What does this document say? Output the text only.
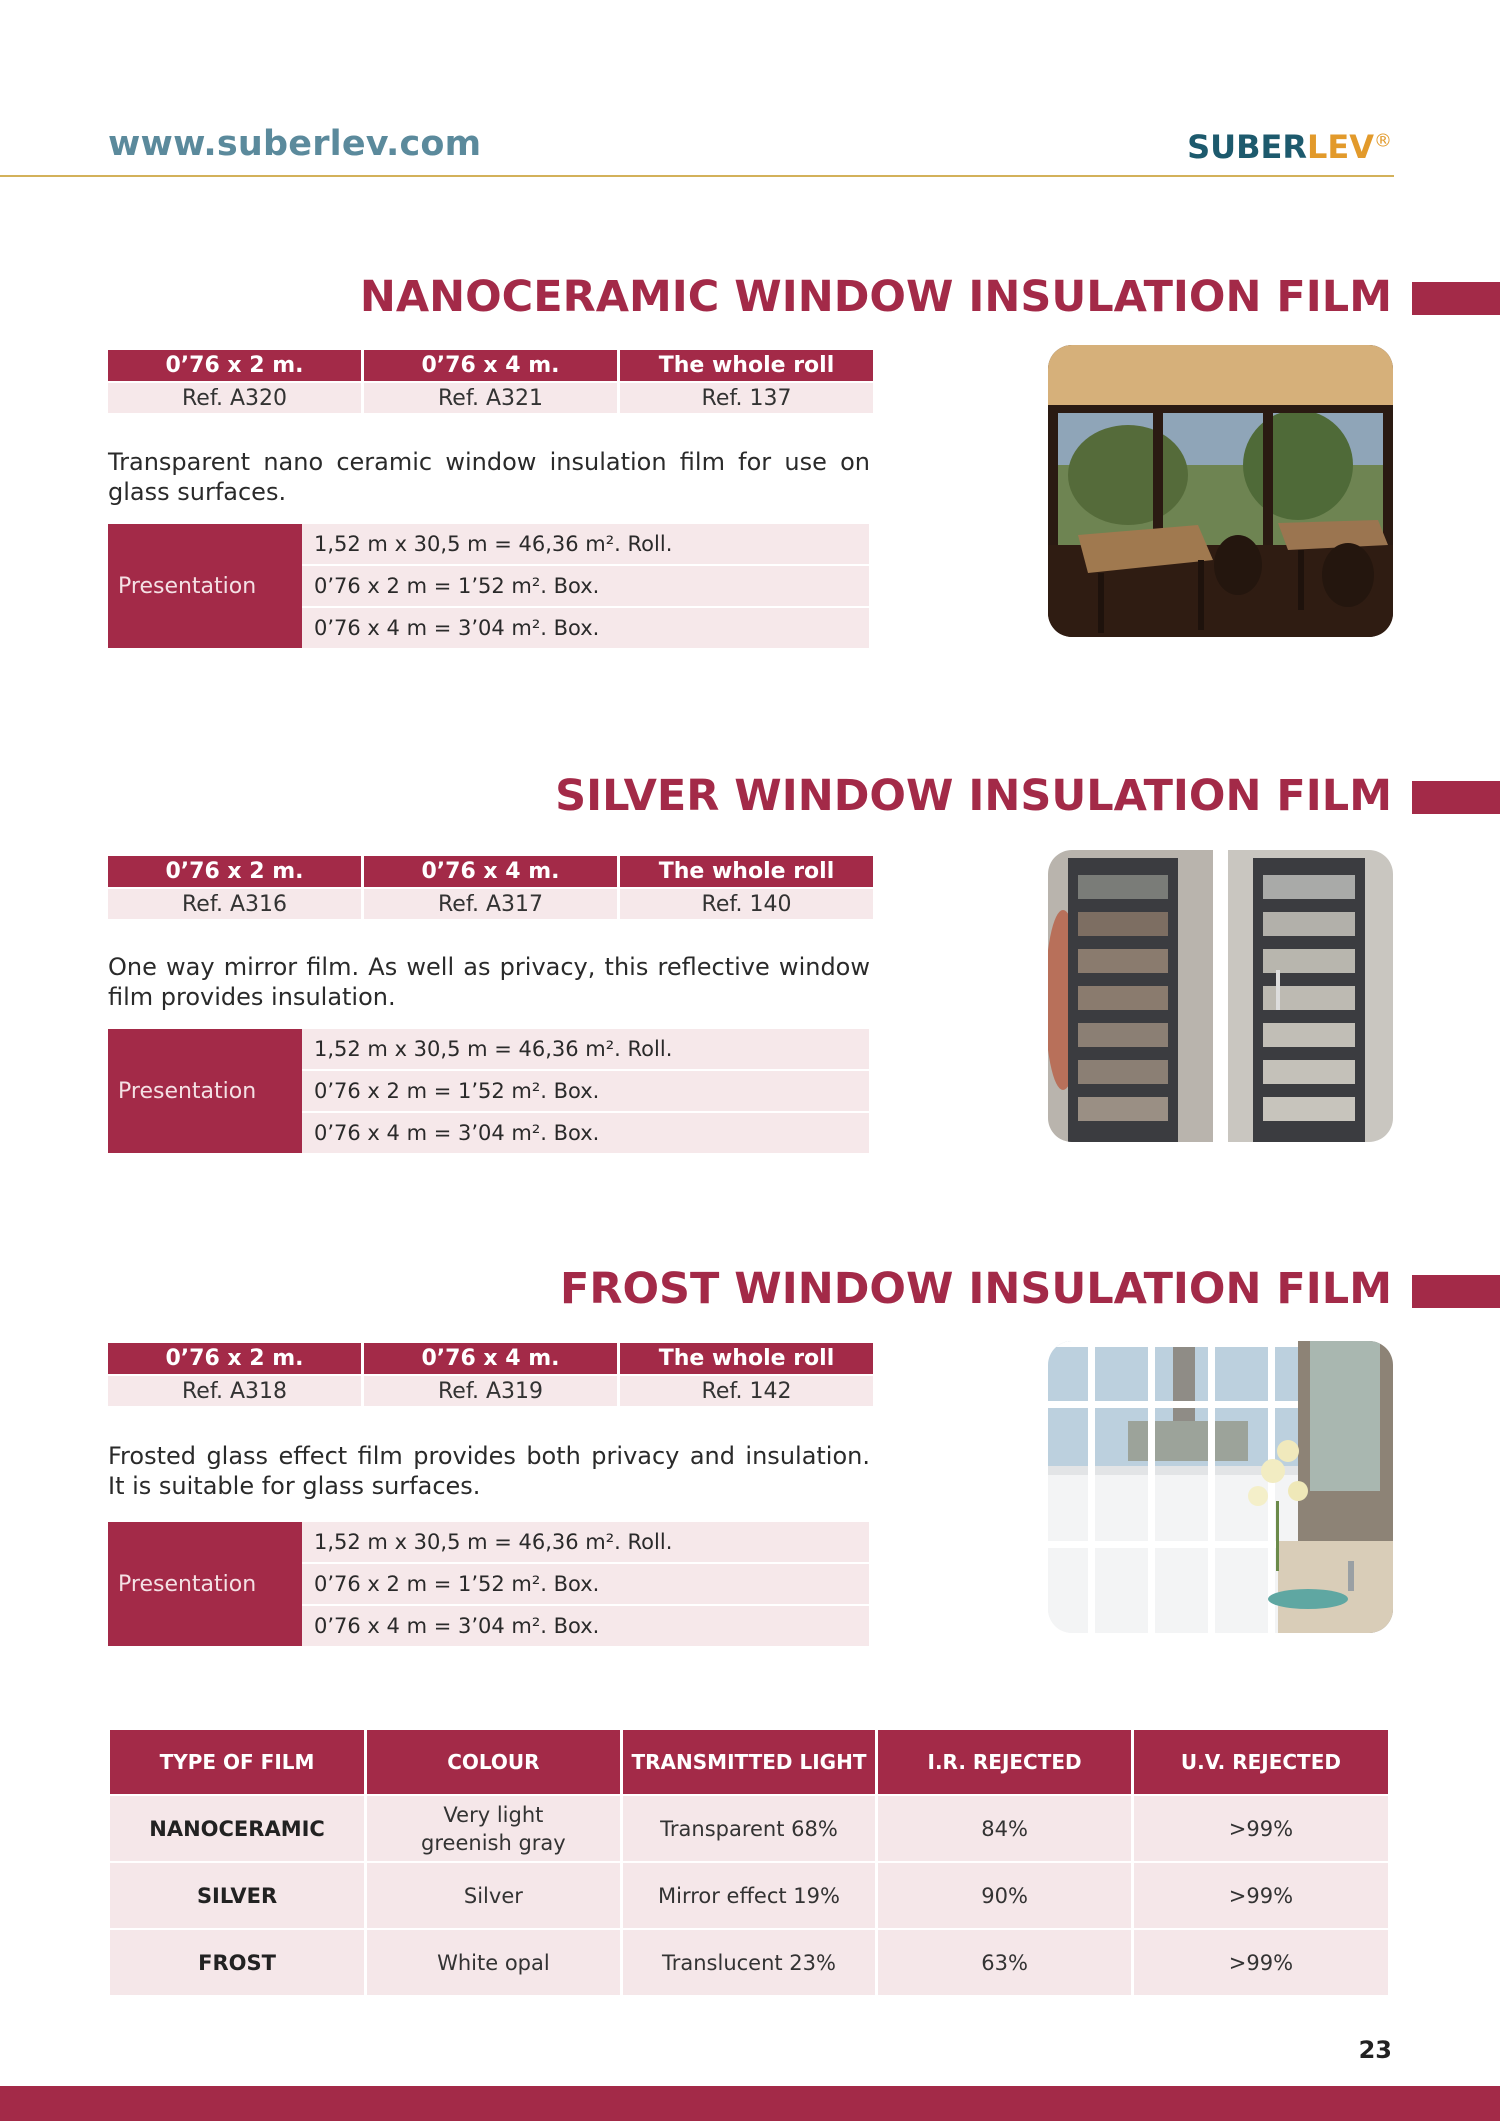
www.suberlev.com	SUBERLEV®
NANOCERAMIC WINDOW INSULATION FILM
0’76 x 2 m.	0’76 x 4 m.	The whole roll
Ref. A320	Ref. A321	Ref. 137
Transparent nano ceramic window insulation film for use on glass surfaces.
Presentation	1,52 m x 30,5 m = 46,36 m². Roll.
0’76 x 2 m = 1’52 m². Box.
0’76 x 4 m = 3’04 m². Box.
SILVER WINDOW INSULATION FILM
0’76 x 2 m.	0’76 x 4 m.	The whole roll
Ref. A316	Ref. A317	Ref. 140
One way mirror film. As well as privacy, this reflective window film provides insulation.
Presentation	1,52 m x 30,5 m = 46,36 m². Roll.
0’76 x 2 m = 1’52 m². Box.
0’76 x 4 m = 3’04 m². Box.
FROST WINDOW INSULATION FILM
0’76 x 2 m.	0’76 x 4 m.	The whole roll
Ref. A318	Ref. A319	Ref. 142
Frosted glass effect film provides both privacy and insulation. It is suitable for glass surfaces.
Presentation	1,52 m x 30,5 m = 46,36 m². Roll.
0’76 x 2 m = 1’52 m². Box.
0’76 x 4 m = 3’04 m². Box.
TYPE OF FILM	COLOUR	TRANSMITTED LIGHT	I.R. REJECTED	U.V. REJECTED
NANOCERAMIC	Very light greenish gray	Transparent 68%	84%	>99%
SILVER	Silver	Mirror effect 19%	90%	>99%
FROST	White opal	Translucent 23%	63%	>99%
23
